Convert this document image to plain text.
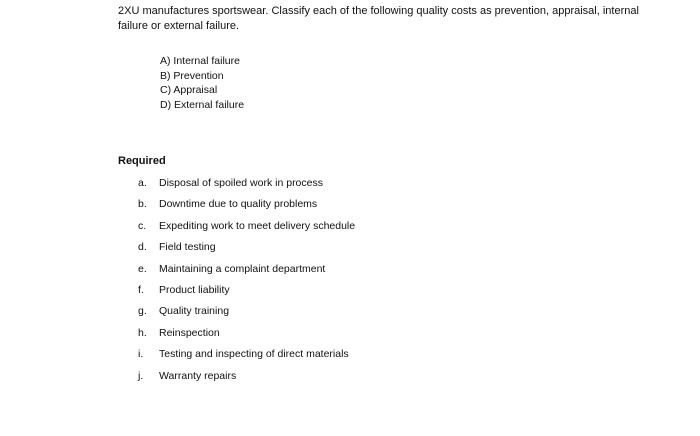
2XU manufactures sportswear. Classify each of the following quality costs as prevention, appraisal, internal failure or external failure.

A) Internal failure
B) Prevention
C) Appraisal
D) External failure
Required
a.	Disposal of spoiled work in process
b.	Downtime due to quality problems
c.	Expediting work to meet delivery schedule
d.	Field testing
e.	Maintaining a complaint department
f.	Product liability
g.	Quality training
h.	Reinspection
i.	Testing and inspecting of direct materials
j.	Warranty repairs
